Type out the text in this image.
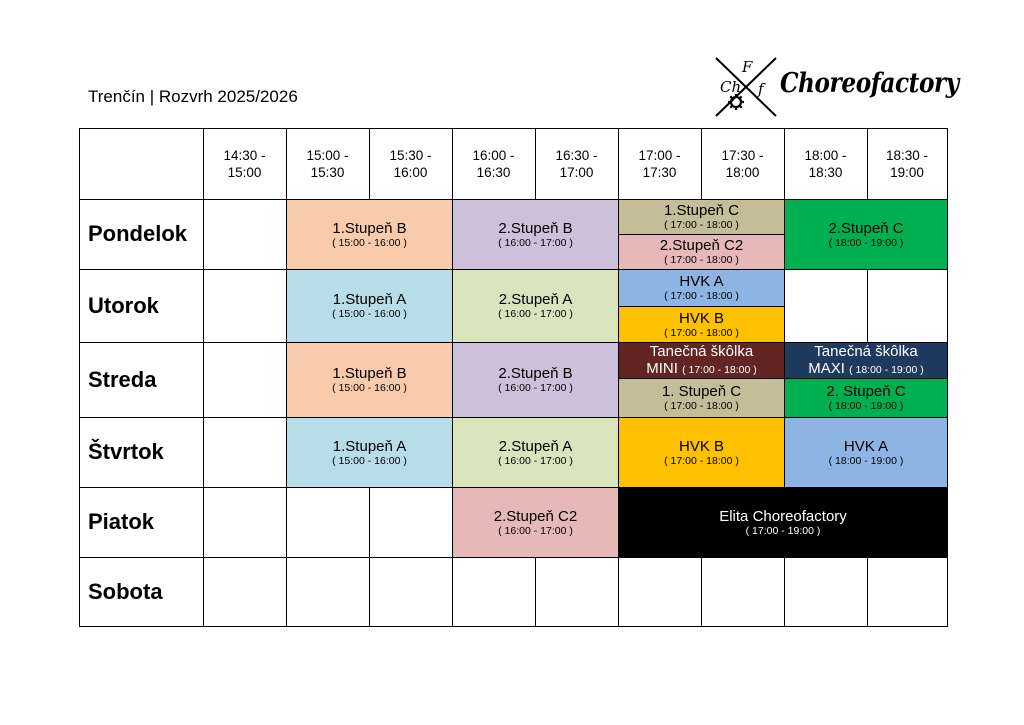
Trenčín | Rozvrh 2025/2026	Ch
F
f Choreofactory
14:30 -
15:00
15:00 -
15:30
15:30 -
16:00
16:00 -
16:30
16:30 -
17:00
17:00 -
17:30
17:30 -
18:00
18:00 -
18:30
18:30 -
19:00
Pondelok
Utorok
Streda
Štvrtok
Piatok
Sobota
1.Stupeň B
( 15:00 - 16:00 )
2.Stupeň B
( 16:00 - 17:00 )
1.Stupeň C
( 17:00 - 18:00 )
2.Stupeň C2
( 17:00 - 18:00 )
2.Stupeň C
( 18:00 - 19:00 )
1.Stupeň A
( 15:00 - 16:00 )
2.Stupeň A
( 16:00 - 17:00 )
HVK A
( 17:00 - 18:00 )
HVK B
( 17:00 - 18:00 )
1.Stupeň B
( 15:00 - 16:00 )
2.Stupeň B
( 16:00 - 17:00 )
Tanečná škôlka
MINI ( 17:00 - 18:00 )
1. Stupeň C
( 17:00 - 18:00 )
Tanečná škôlka
MAXI ( 18:00 - 19:00 )
2. Stupeň C
( 18:00 - 19:00 )
1.Stupeň A
( 15:00 - 16:00 )
2.Stupeň A
( 16:00 - 17:00 )
HVK B
( 17:00 - 18:00 )
HVK A
( 18:00 - 19:00 )
2.Stupeň C2
( 16:00 - 17:00 )
Elita Choreofactory
( 17:00 - 19:00 )
